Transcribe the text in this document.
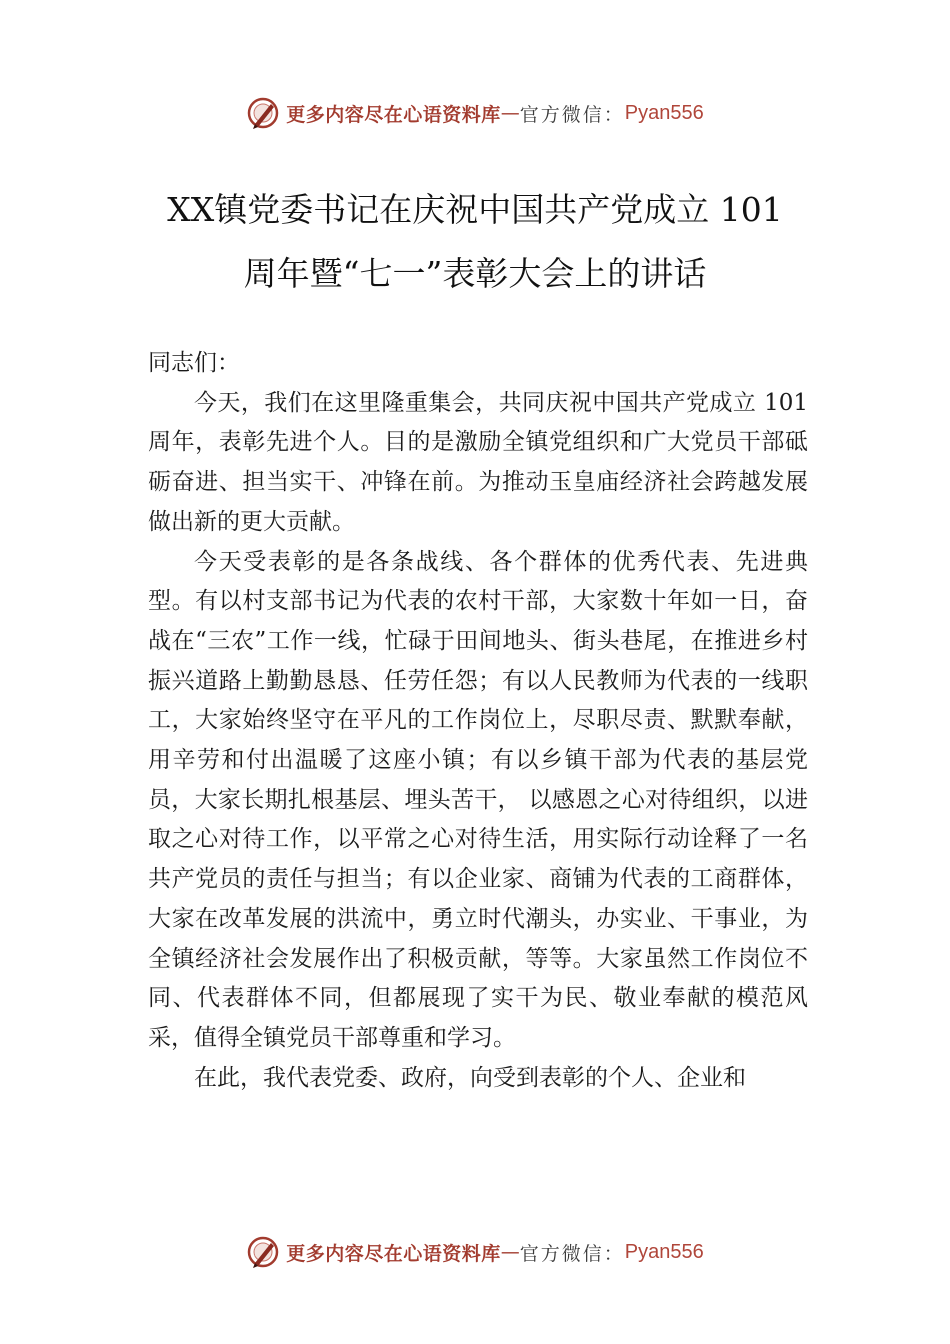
更多内容尽在心语资料库 — 官方微信： Pyan556
XX镇党委书记在庆祝中国共产党成立 101
周年暨“七一”表彰大会上的讲话

同志们：

今天，我们在这里隆重集会，共同庆祝中国共产党成立 101 周年，表彰先进个人。目的是激励全镇党组织和广大党员干部砥砺奋进、担当实干、冲锋在前。为推动玉皇庙经济社会跨越发展做出新的更大贡献。

今天受表彰的是各条战线、各个群体的优秀代表、先进典型。有以村支部书记为代表的农村干部，大家数十年如一日，奋战在“三农”工作一线，忙碌于田间地头、街头巷尾，在推进乡村振兴道路上勤勤恳恳、任劳任怨；有以人民教师为代表的一线职工，大家始终坚守在平凡的工作岗位上，尽职尽责、默默奉献，用辛劳和付出温暖了这座小镇；有以乡镇干部为代表的基层党员，大家长期扎根基层、埋头苦干， 以感恩之心对待组织，以进取之心对待工作，以平常之心对待生活，用实际行动诠释了一名共产党员的责任与担当；有以企业家、商铺为代表的工商群体，大家在改革发展的洪流中，勇立时代潮头，办实业、干事业，为全镇经济社会发展作出了积极贡献，等等。大家虽然工作岗位不同、代表群体不同，但都展现了实干为民、敬业奉献的模范风采，值得全镇党员干部尊重和学习。

在此，我代表党委、政府，向受到表彰的个人、企业和

更多内容尽在心语资料库 — 官方微信： Pyan556
